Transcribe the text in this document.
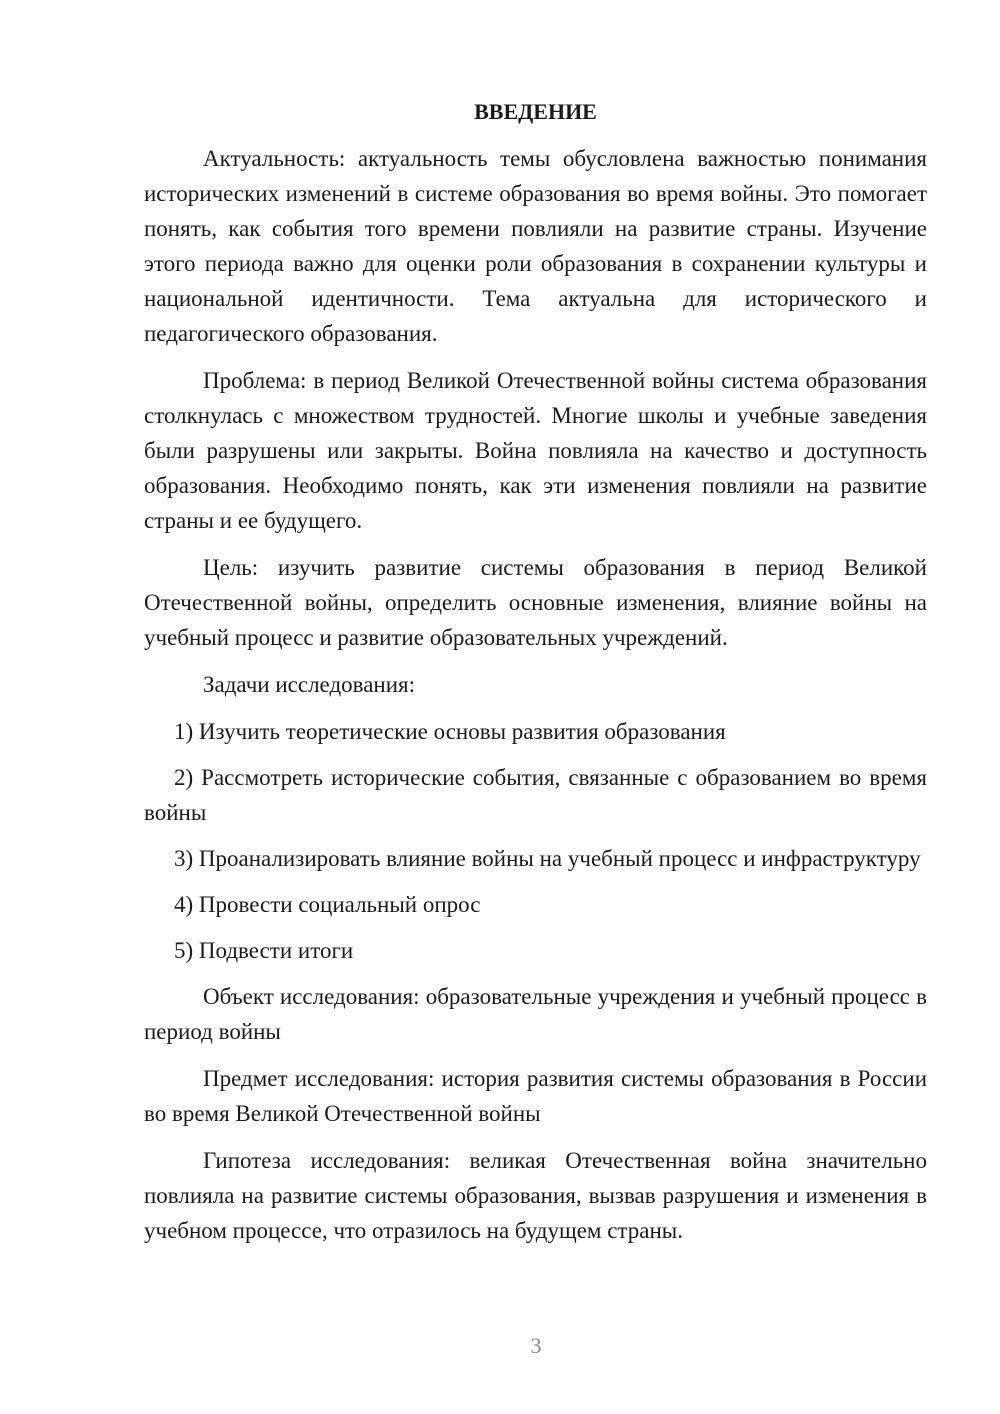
ВВЕДЕНИЕ

Актуальность: актуальность темы обусловлена важностью понимания исторических изменений в системе образования во время войны. Это помогает понять, как события того времени повлияли на развитие страны. Изучение этого периода важно для оценки роли образования в сохранении культуры и национальной идентичности. Тема актуальна для исторического и педагогического образования.

Проблема: в период Великой Отечественной войны система образования столкнулась с множеством трудностей. Многие школы и учебные заведения были разрушены или закрыты. Война повлияла на качество и доступность образования. Необходимо понять, как эти изменения повлияли на развитие страны и ее будущего.

Цель: изучить развитие системы образования в период Великой Отечественной войны, определить основные изменения, влияние войны на учебный процесс и развитие образовательных учреждений.

Задачи исследования:

1) Изучить теоретические основы развития образования

2) Рассмотреть исторические события, связанные с образованием во время войны

3) Проанализировать влияние войны на учебный процесс и инфраструктуру

4) Провести социальный опрос

5) Подвести итоги

Объект исследования: образовательные учреждения и учебный процесс в период войны

Предмет исследования: история развития системы образования в России во время Великой Отечественной войны

Гипотеза исследования: великая Отечественная война значительно повлияла на развитие системы образования, вызвав разрушения и изменения в учебном процессе, что отразилось на будущем страны.

3
